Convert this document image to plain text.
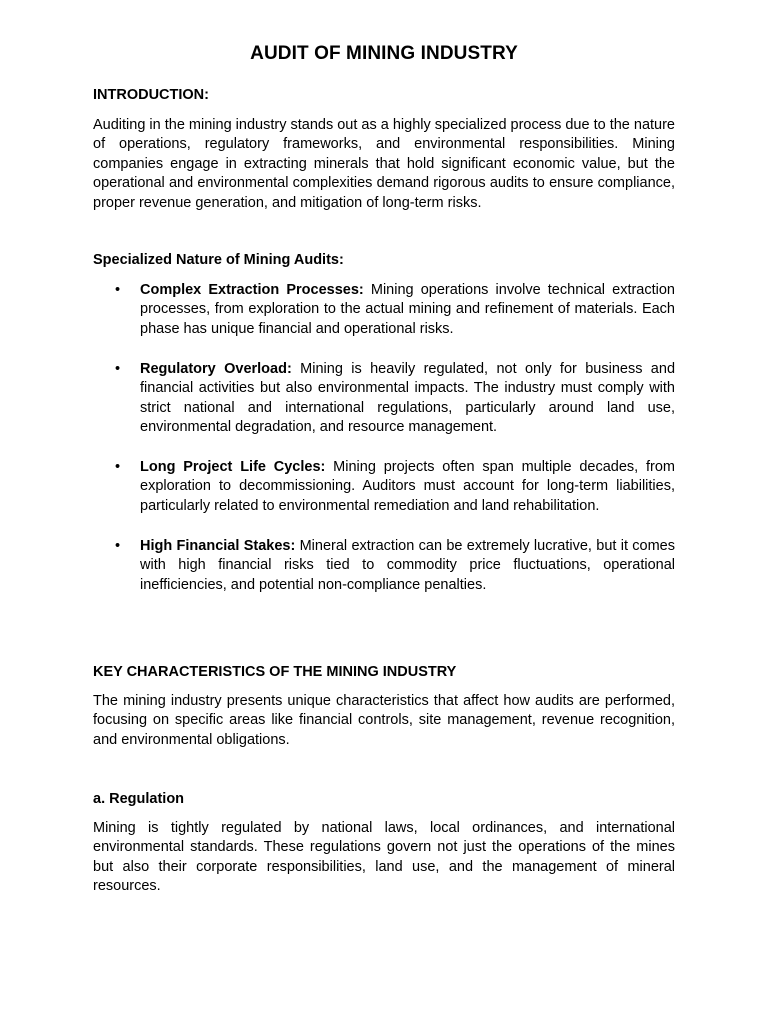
AUDIT OF MINING INDUSTRY
INTRODUCTION:
Auditing in the mining industry stands out as a highly specialized process due to the nature of operations, regulatory frameworks, and environmental responsibilities. Mining companies engage in extracting minerals that hold significant economic value, but the operational and environmental complexities demand rigorous audits to ensure compliance, proper revenue generation, and mitigation of long-term risks.
Specialized Nature of Mining Audits:
• Complex Extraction Processes: Mining operations involve technical extraction processes, from exploration to the actual mining and refinement of materials. Each phase has unique financial and operational risks.
• Regulatory Overload: Mining is heavily regulated, not only for business and financial activities but also environmental impacts. The industry must comply with strict national and international regulations, particularly around land use, environmental degradation, and resource management.
• Long Project Life Cycles: Mining projects often span multiple decades, from exploration to decommissioning. Auditors must account for long-term liabilities, particularly related to environmental remediation and land rehabilitation.
• High Financial Stakes: Mineral extraction can be extremely lucrative, but it comes with high financial risks tied to commodity price fluctuations, operational inefficiencies, and potential non-compliance penalties.
KEY CHARACTERISTICS OF THE MINING INDUSTRY
The mining industry presents unique characteristics that affect how audits are performed, focusing on specific areas like financial controls, site management, revenue recognition, and environmental obligations.
a. Regulation
Mining is tightly regulated by national laws, local ordinances, and international environmental standards. These regulations govern not just the operations of the mines but also their corporate responsibilities, land use, and the management of mineral resources.
